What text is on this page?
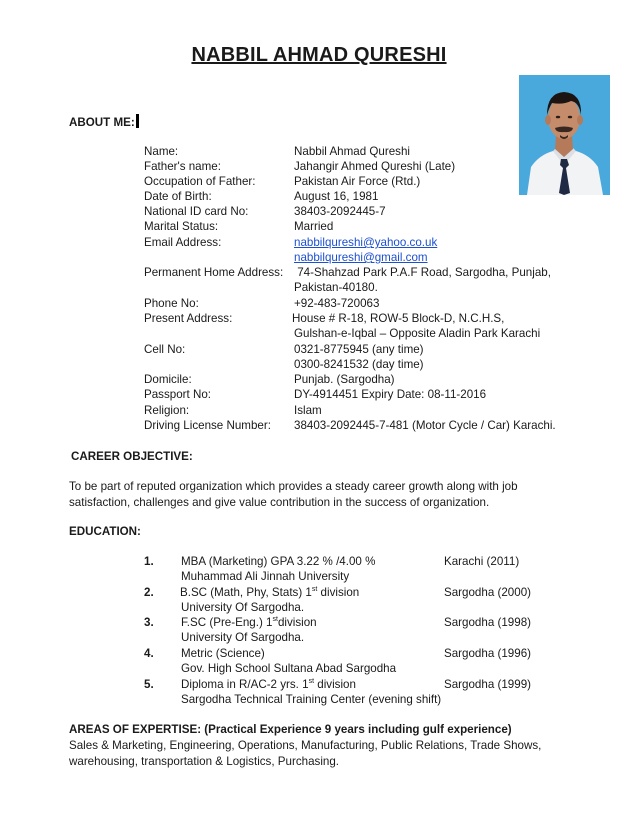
NABBIL AHMAD QURESHI
ABOUT ME:
Name:	Nabbil Ahmad Qureshi
Father's name:	Jahangir Ahmed Qureshi (Late)
Occupation of Father:	Pakistan Air Force (Rtd.)
Date of Birth:	August 16, 1981
National ID card No:	38403-2092445-7
Marital Status:	Married
Email Address:	nabbilqureshi@yahoo.co.uk
nabbilqureshi@gmail.com
Permanent Home Address: 74-Shahzad Park P.A.F Road, Sargodha, Punjab,
Pakistan-40180.
Phone No:	+92-483-720063
Present Address:	House # R-18, ROW-5 Block-D, N.C.H.S,
Gulshan-e-Iqbal – Opposite Aladin Park Karachi
Cell No:	0321-8775945 (any time)
0300-8241532 (day time)
Domicile:	Punjab. (Sargodha)
Passport No:	DY-4914451 Expiry Date: 08-11-2016
Religion:	Islam
Driving License Number: 38403-2092445-7-481 (Motor Cycle / Car) Karachi.
CAREER OBJECTIVE:
To be part of reputed organization which provides a steady career growth along with job satisfaction, challenges and give value contribution in the success of organization.
EDUCATION:
1. MBA (Marketing) GPA 3.22 % /4.00 %	Karachi (2011)
Muhammad Ali Jinnah University
2. B.SC (Math, Phy, Stats) 1st division	Sargodha (2000)
University Of Sargodha.
3. F.SC (Pre-Eng.) 1stdivision	Sargodha (1998)
University Of Sargodha.
4. Metric (Science)	Sargodha (1996)
Gov. High School Sultana Abad Sargodha
5. Diploma in R/AC-2 yrs. 1st division	Sargodha (1999)
Sargodha Technical Training Center (evening shift)
AREAS OF EXPERTISE: (Practical Experience 9 years including gulf experience)
Sales & Marketing, Engineering, Operations, Manufacturing, Public Relations, Trade Shows, warehousing, transportation & Logistics, Purchasing.
